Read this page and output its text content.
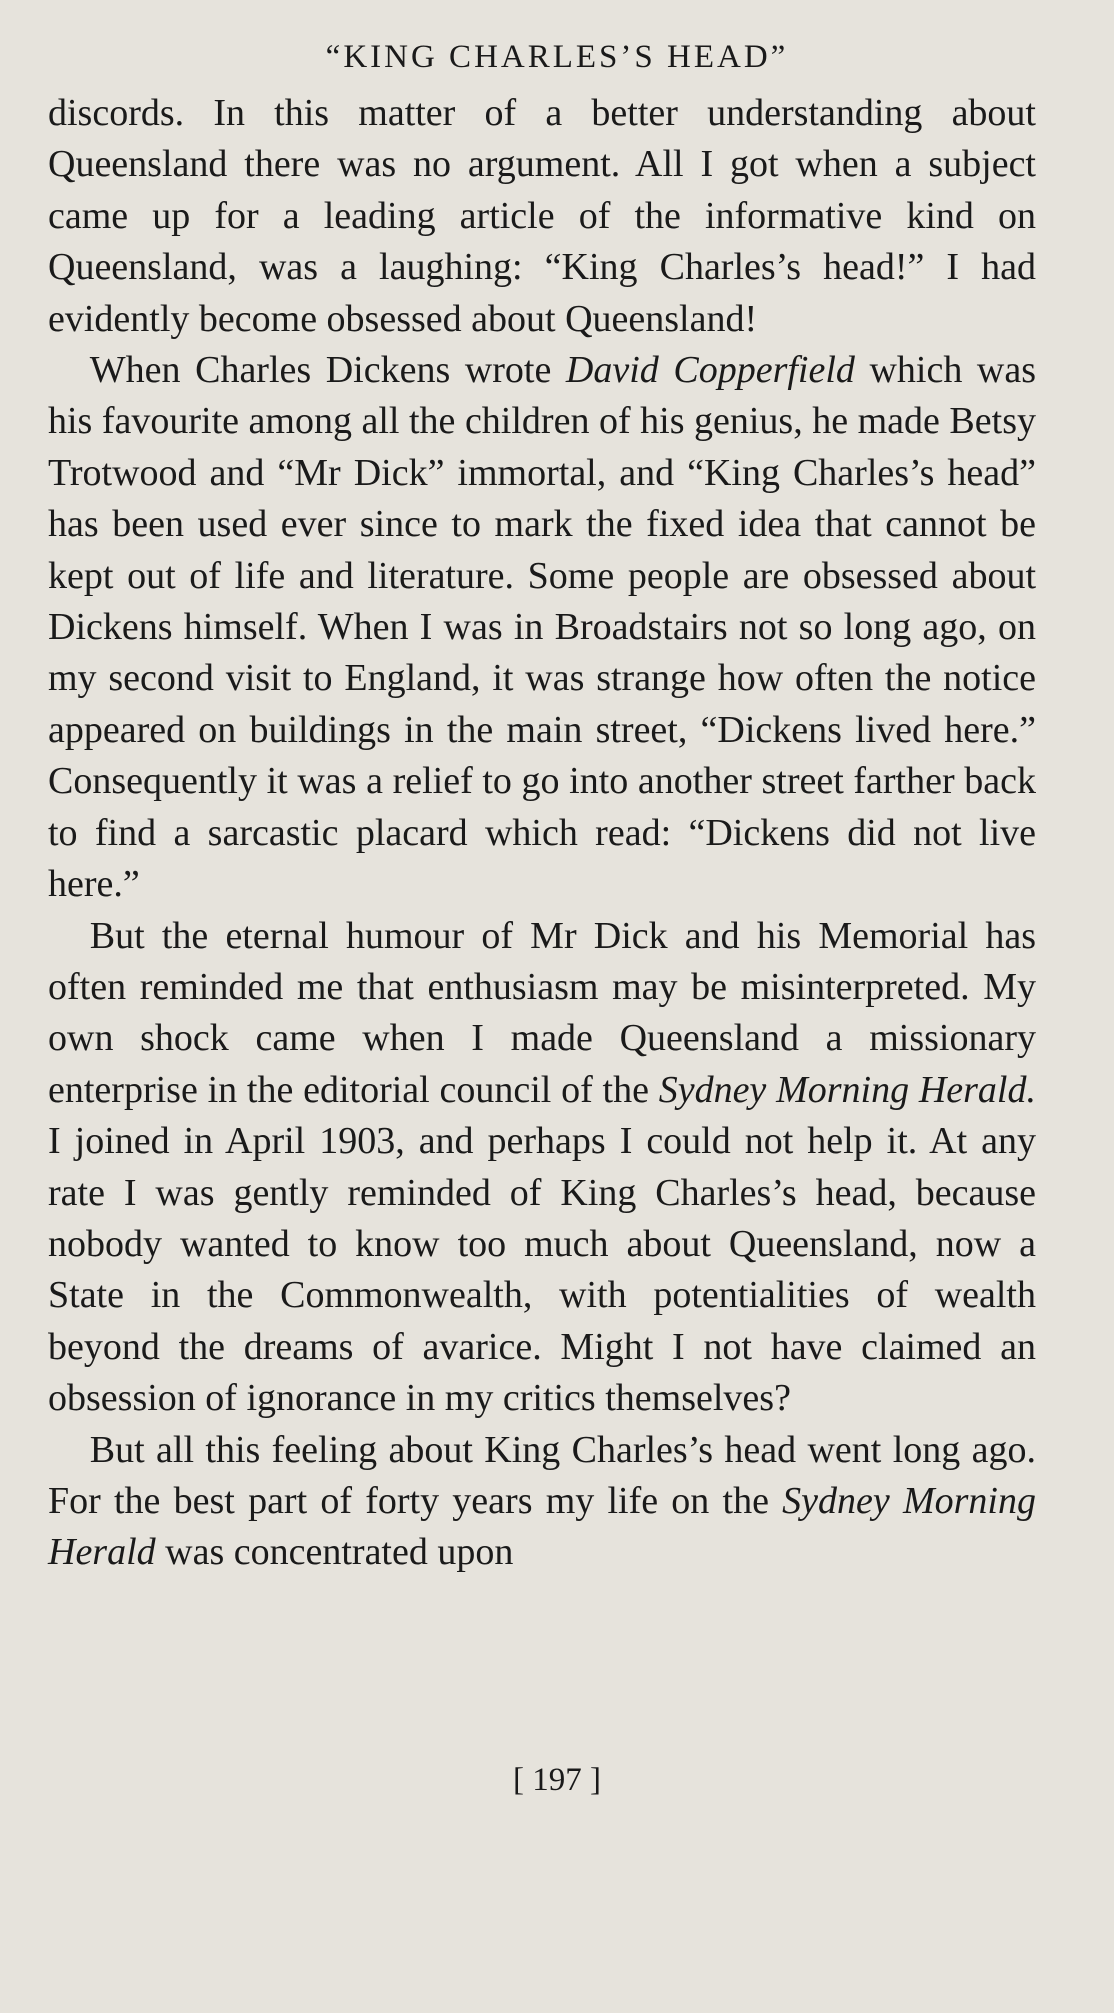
“KING CHARLES’S HEAD”

discords. In this matter of a better understanding about Queensland there was no argument. All I got when a subject came up for a leading article of the informative kind on Queensland, was a laughing: “King Charles’s head!” I had evidently become obsessed about Queensland!

When Charles Dickens wrote David Copperfield which was his favourite among all the children of his genius, he made Betsy Trotwood and “Mr Dick” immortal, and “King Charles’s head” has been used ever since to mark the fixed idea that cannot be kept out of life and literature. Some people are obsessed about Dickens himself. When I was in Broadstairs not so long ago, on my second visit to England, it was strange how often the notice appeared on buildings in the main street, “Dickens lived here.” Consequently it was a relief to go into another street farther back to find a sarcastic placard which read: “Dickens did not live here.”

But the eternal humour of Mr Dick and his Memorial has often reminded me that enthusiasm may be misinterpreted. My own shock came when I made Queensland a missionary enterprise in the editorial council of the Sydney Morning Herald. I joined in April 1903, and perhaps I could not help it. At any rate I was gently reminded of King Charles’s head, because nobody wanted to know too much about Queensland, now a State in the Commonwealth, with potentialities of wealth beyond the dreams of avarice. Might I not have claimed an obsession of ignorance in my critics themselves?

But all this feeling about King Charles’s head went long ago. For the best part of forty years my life on the Sydney Morning Herald was concentrated upon

[ 197 ]
